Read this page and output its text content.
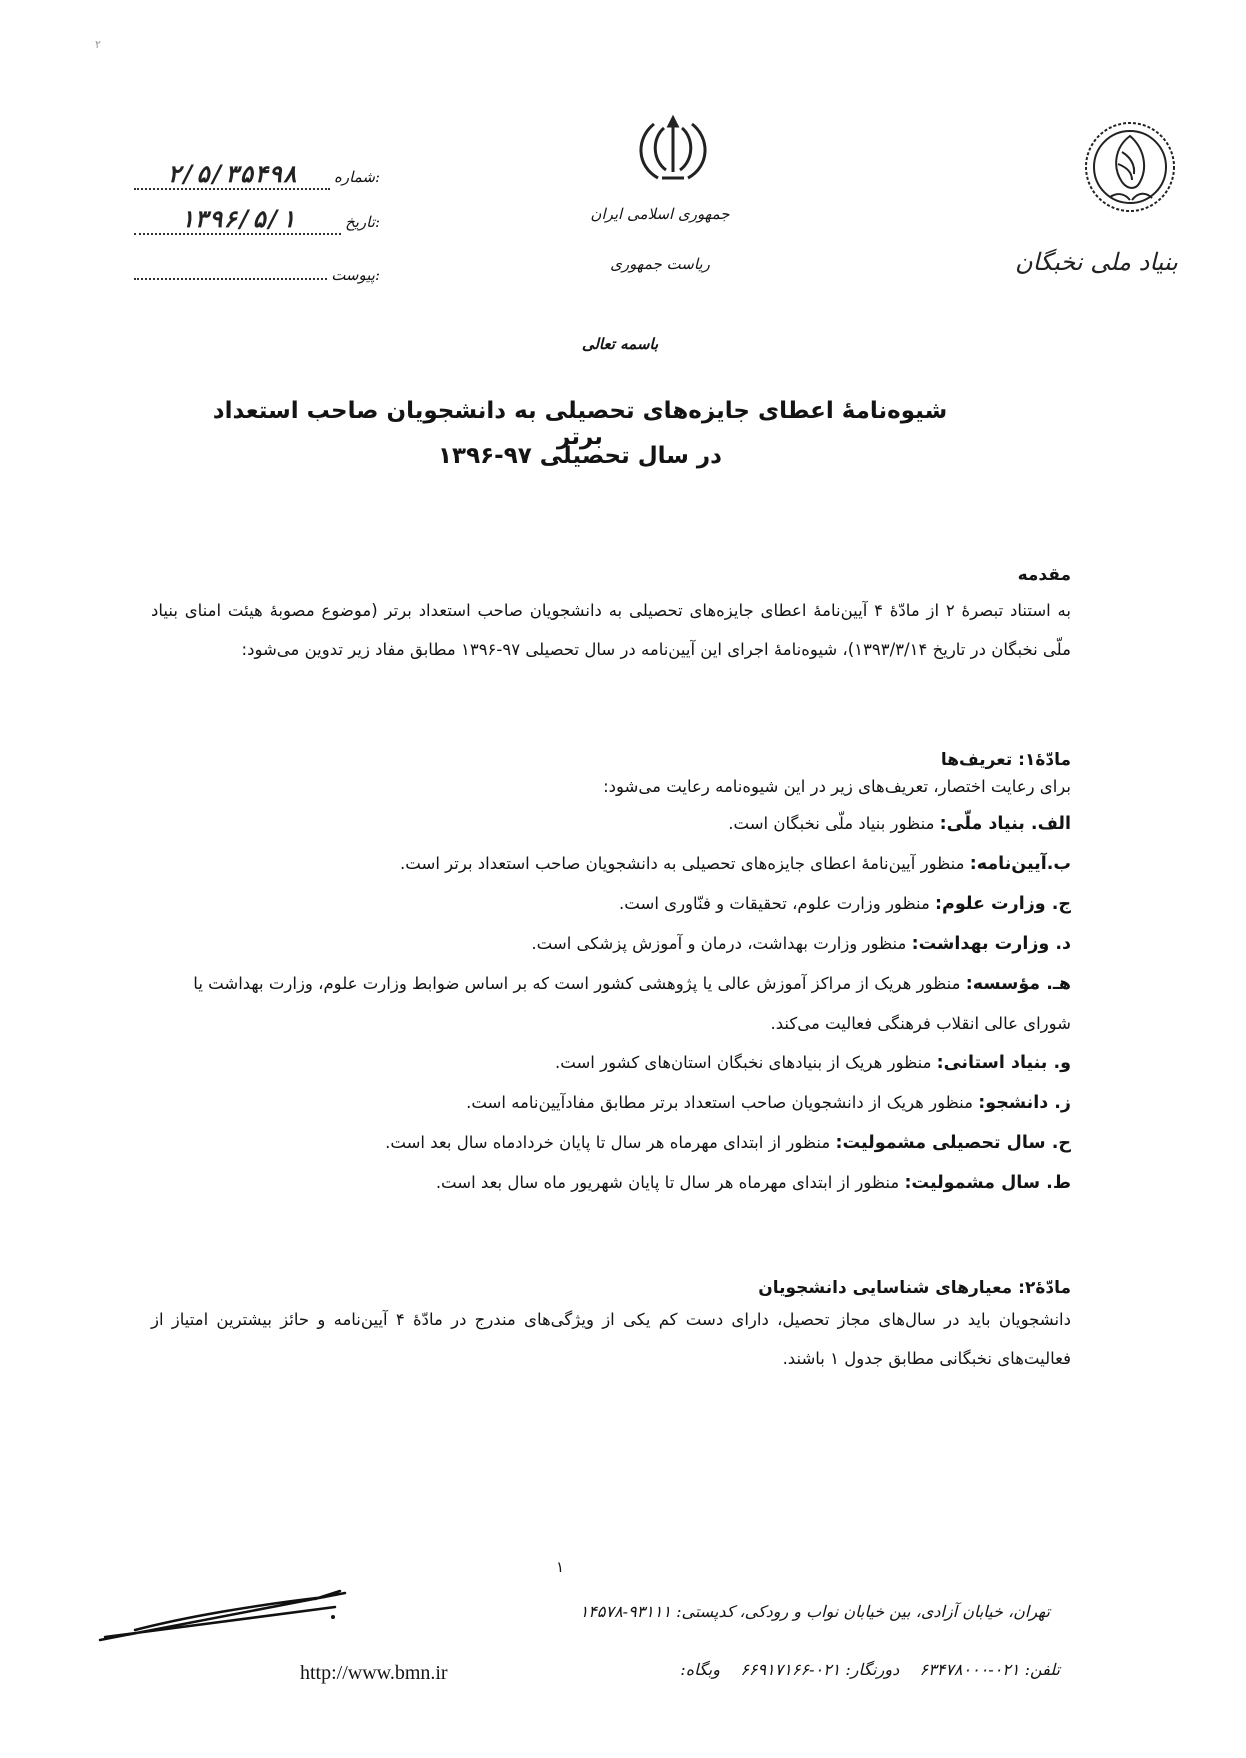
۲
بنیاد ملی نخبگان
جمهوری اسلامی ایران
ریاست جمهوری
شماره:
۲/۵/۳۵۴۹۸
تاریخ:
۱۳۹۶/۵/۱
پیوست:
باسمه تعالی
شیوه‌نامهٔ اعطای جایزه‌های تحصیلی به دانشجویان صاحب استعداد برتر
در سال تحصیلی ۹۷-۱۳۹۶
مقدمه
به استناد تبصرهٔ ۲ از مادّهٔ ۴ آیین‌نامهٔ اعطای جایزه‌های تحصیلی به دانشجویان صاحب استعداد برتر (موضوع مصوبهٔ هیئت امنای بنیاد ملّی نخبگان در تاریخ ۱۳۹۳/۳/۱۴)، شیوه‌نامهٔ اجرای این آیین‌نامه در سال تحصیلی ۹۷-۱۳۹۶ مطابق مفاد زیر تدوین می‌شود:
مادّهٔ۱: تعریف‌ها
برای رعایت اختصار، تعریف‌های زیر در این شیوه‌نامه رعایت می‌شود:
الف. بنیاد ملّی: منظور بنیاد ملّی نخبگان است.
ب.آیین‌نامه: منظور آیین‌نامهٔ اعطای جایزه‌های تحصیلی به دانشجویان صاحب استعداد برتر است.
ج. وزارت علوم: منظور وزارت علوم، تحقیقات و فنّاوری است.
د. وزارت بهداشت: منظور وزارت بهداشت، درمان و آموزش پزشکی است.
هـ. مؤسسه: منظور هریک از مراکز آموزش عالی یا پژوهشی کشور است که بر اساس ضوابط وزارت علوم، وزارت بهداشت یا شورای عالی انقلاب فرهنگی فعالیت می‌کند.
و. بنیاد استانی: منظور هریک از بنیادهای نخبگان استان‌های کشور است.
ز. دانشجو: منظور هریک از دانشجویان صاحب استعداد برتر مطابق مفادآیین‌نامه است.
ح. سال تحصیلی مشمولیت: منظور از ابتدای مهرماه هر سال تا پایان خردادماه سال بعد است.
ط. سال مشمولیت: منظور از ابتدای مهرماه هر سال تا پایان شهریور ماه سال بعد است.
مادّهٔ۲: معیارهای شناسایی دانشجویان
دانشجویان باید در سال‌های مجاز تحصیل، دارای دست کم یکی از ویژگی‌های مندرج در مادّهٔ ۴ آیین‌نامه و حائز بیشترین امتیاز از فعالیت‌های نخبگانی مطابق جدول ۱ باشند.
۱
تهران، خیابان آزادی، بین خیابان نواب و رودکی، کدپستی: ۹۳۱۱۱-۱۴۵۷۸
تلفن: ۰۲۱-۶۳۴۷۸۰۰۰    دورنگار: ۰۲۱-۶۶۹۱۷۱۶۶    وبگاه:
http://www.bmn.ir
